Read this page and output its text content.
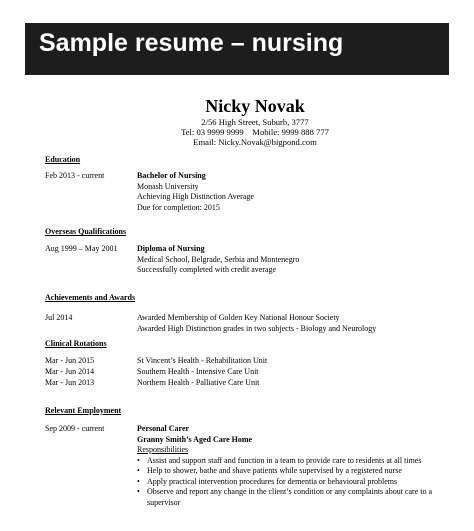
Sample resume – nursing
Nicky Novak
2/56 High Street, Suburb, 3777
Tel: 03 9999 9999    Mobile: 9999 888 777
Email: Nicky.Novak@bigpond.com
Education
Feb 2013 - current	Bachelor of Nursing
Monash University
Achieving High Distinction Average
Due for completion: 2015
Overseas Qualifications
Aug 1999 – May 2001 Diploma of Nursing
Medical School, Belgrade, Serbia and Montenegro
Successfully completed with credit average
Achievements and Awards
Jul 2014	Awarded Membership of Golden Key National Honour Society
Awarded High Distinction grades in two subjects - Biology and Neurology
Clinical Rotations
Mar - Jun 2015	St Vincent’s Health - Rehabilitation Unit
Mar - Jun 2014	Southern Health - Intensive Care Unit
Mar - Jun 2013	Northern Health - Palliative Care Unit
Relevant Employment
Sep 2009 - current	Personal Carer
Granny Smith’s Aged Care Home
Responsibilities
• Assist and support staff and function in a team to provide care to residents at all times
• Help to shower, bathe and shave patients while supervised by a registered nurse
• Apply practical intervention procedures for dementia or behavioural problems
• Observe and report any change in the client’s condition or any complaints about care to a
supervisor
